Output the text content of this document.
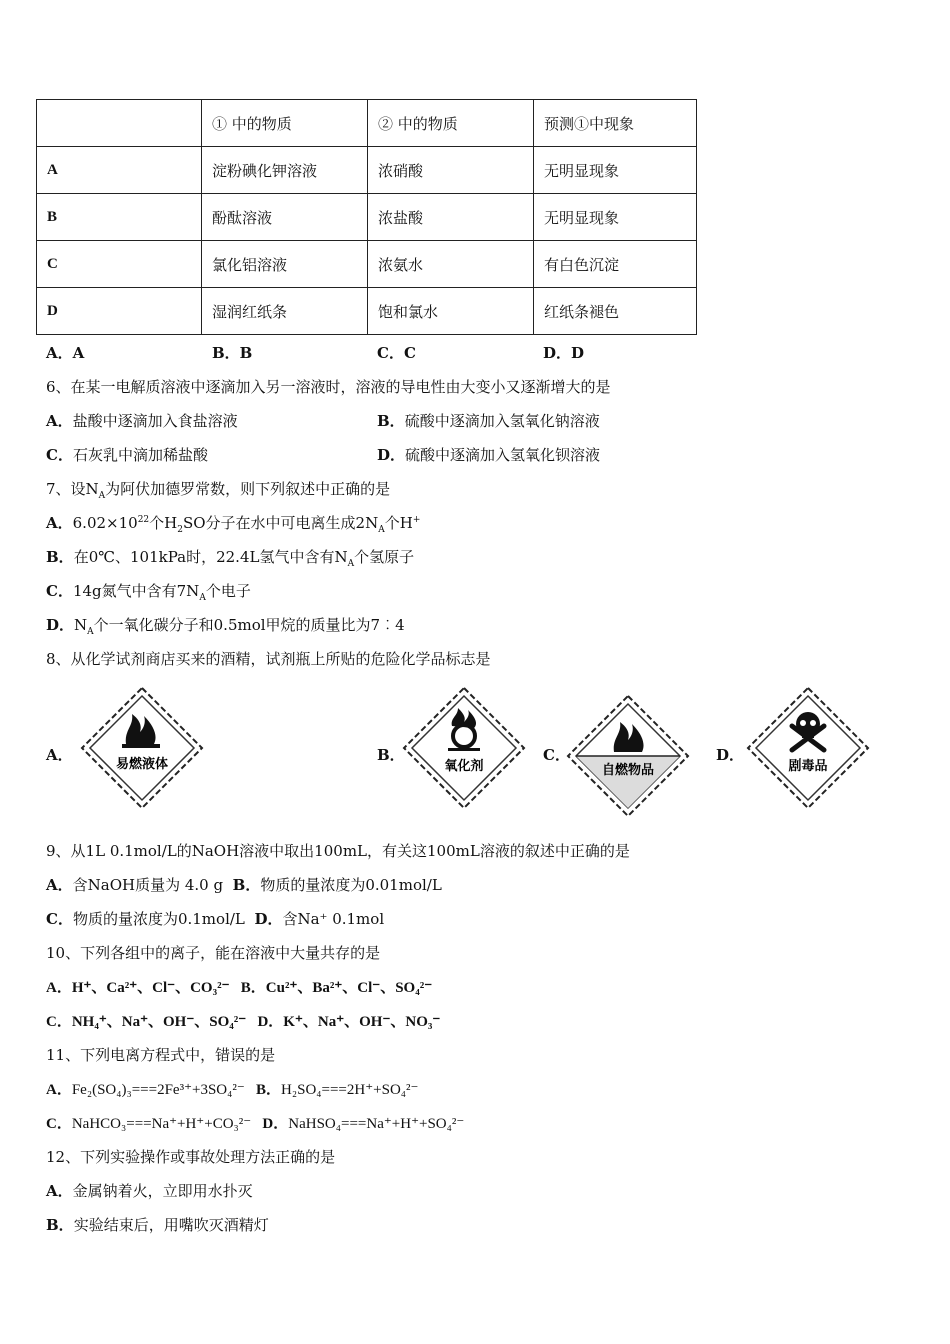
	① 中的物质	② 中的物质	预测①中现象
A	淀粉碘化钾溶液	浓硝酸	无明显现象
B	酚酞溶液	浓盐酸	无明显现象
C	氯化铝溶液	浓氨水	有白色沉淀
D	湿润红纸条	饱和氯水	红纸条褪色
A．A	B．B	C．C	D．D
6、在某一电解质溶液中逐滴加入另一溶液时，溶液的导电性由大变小又逐渐增大的是
A．盐酸中逐滴加入食盐溶液	B．硫酸中逐滴加入氢氧化钠溶液
C．石灰乳中滴加稀盐酸	D．硫酸中逐滴加入氢氧化钡溶液
7、设$N_A$为阿伏加德罗常数，则下列叙述中正确的是
A．$6.02\times 10^{22}$个$H_2SO$分子在水中可电离生成$2N_A$个H+
B．在0℃、101kPa时，22.4L氢气中含有$N_A$个氢原子
C．14g氮气中含有$7N_A$个电子
D．$N_A$个一氧化碳分子和0.5mol甲烷的质量比为7︰4
8、从化学试剂商店买来的酒精，试剂瓶上所贴的危险化学品标志是
A．
易燃液体
B．
氧化剂
C．
自燃物品
D．
剧毒品
9、从1L 0.1mol/L的NaOH溶液中取出100mL，有关这100mL溶液的叙述中正确的是
A．含NaOH质量为 4.0 g B．物质的量浓度为0.01mol/L
C．物质的量浓度为0.1mol/L D．含Na⁺ 0.1mol
10、下列各组中的离子，能在溶液中大量共存的是
A．H⁺、Ca²⁺、Cl⁻、CO₃²⁻ B．Cu²⁺、Ba²⁺、Cl⁻、SO₄²⁻
C．NH₄⁺、Na⁺、OH⁻、SO₄²⁻ D．K⁺、Na⁺、OH⁻、NO₃⁻
11、下列电离方程式中，错误的是
A．Fe₂(SO₄)₃===2Fe³⁺+3SO₄²⁻ B．H₂SO₄===2H⁺+SO₄²⁻
C．NaHCO₃===Na⁺+H⁺+CO₃²⁻ D．NaHSO₄===Na⁺+H⁺+SO₄²⁻
12、下列实验操作或事故处理方法正确的是
A．金属钠着火，立即用水扑灭
B．实验结束后，用嘴吹灭酒精灯
